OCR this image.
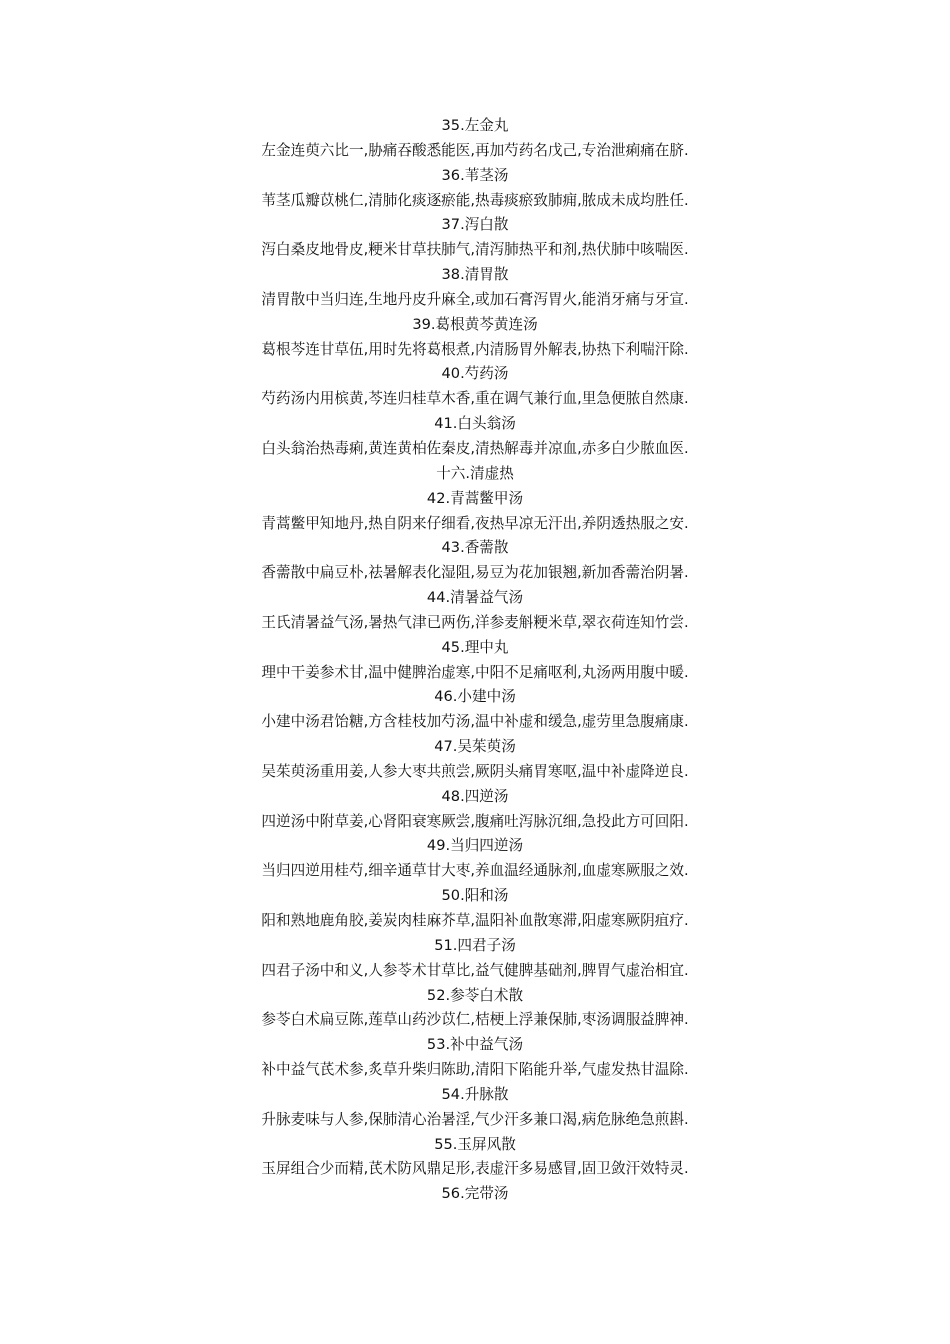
35.左金丸
左金连萸六比一,胁痛吞酸悉能医,再加芍药名戊己,专治泄痢痛在脐.
36.苇茎汤
苇茎瓜瓣苡桃仁,清肺化痰逐瘀能,热毒痰瘀致肺痈,脓成未成均胜任.
37.泻白散
泻白桑皮地骨皮,粳米甘草扶肺气,清泻肺热平和剂,热伏肺中咳喘医.
38.清胃散
清胃散中当归连,生地丹皮升麻全,或加石膏泻胃火,能消牙痛与牙宣.
39.葛根黄芩黄连汤
葛根芩连甘草伍,用时先将葛根煮,内清肠胃外解表,协热下利喘汗除.
40.芍药汤
芍药汤内用槟黄,芩连归桂草木香,重在调气兼行血,里急便脓自然康.
41.白头翁汤
白头翁治热毒痢,黄连黄柏佐秦皮,清热解毒并凉血,赤多白少脓血医.
十六.清虚热
42.青蒿鳖甲汤
青蒿鳖甲知地丹,热自阴来仔细看,夜热早凉无汗出,养阴透热服之安.
43.香薷散
香薷散中扁豆朴,祛暑解表化湿阻,易豆为花加银翘,新加香薷治阴暑.
44.清暑益气汤
王氏清暑益气汤,暑热气津已两伤,洋参麦斛粳米草,翠衣荷连知竹尝.
45.理中丸
理中干姜参术甘,温中健脾治虚寒,中阳不足痛呕利,丸汤两用腹中暖.
46.小建中汤
小建中汤君饴糖,方含桂枝加芍汤,温中补虚和缓急,虚劳里急腹痛康.
47.吴茱萸汤
吴茱萸汤重用姜,人参大枣共煎尝,厥阴头痛胃寒呕,温中补虚降逆良.
48.四逆汤
四逆汤中附草姜,心肾阳衰寒厥尝,腹痛吐泻脉沉细,急投此方可回阳.
49.当归四逆汤
当归四逆用桂芍,细辛通草甘大枣,养血温经通脉剂,血虚寒厥服之效.
50.阳和汤
阳和熟地鹿角胶,姜炭肉桂麻芥草,温阳补血散寒滞,阳虚寒厥阴疽疗.
51.四君子汤
四君子汤中和义,人参苓术甘草比,益气健脾基础剂,脾胃气虚治相宜.
52.参苓白术散
参苓白术扁豆陈,莲草山药沙苡仁,桔梗上浮兼保肺,枣汤调服益脾神.
53.补中益气汤
补中益气芪术参,炙草升柴归陈助,清阳下陷能升举,气虚发热甘温除.
54.升脉散
升脉麦味与人参,保肺清心治暑淫,气少汗多兼口渴,病危脉绝急煎斟.
55.玉屏风散
玉屏组合少而精,芪术防风鼎足形,表虚汗多易感冒,固卫敛汗效特灵.
56.完带汤
